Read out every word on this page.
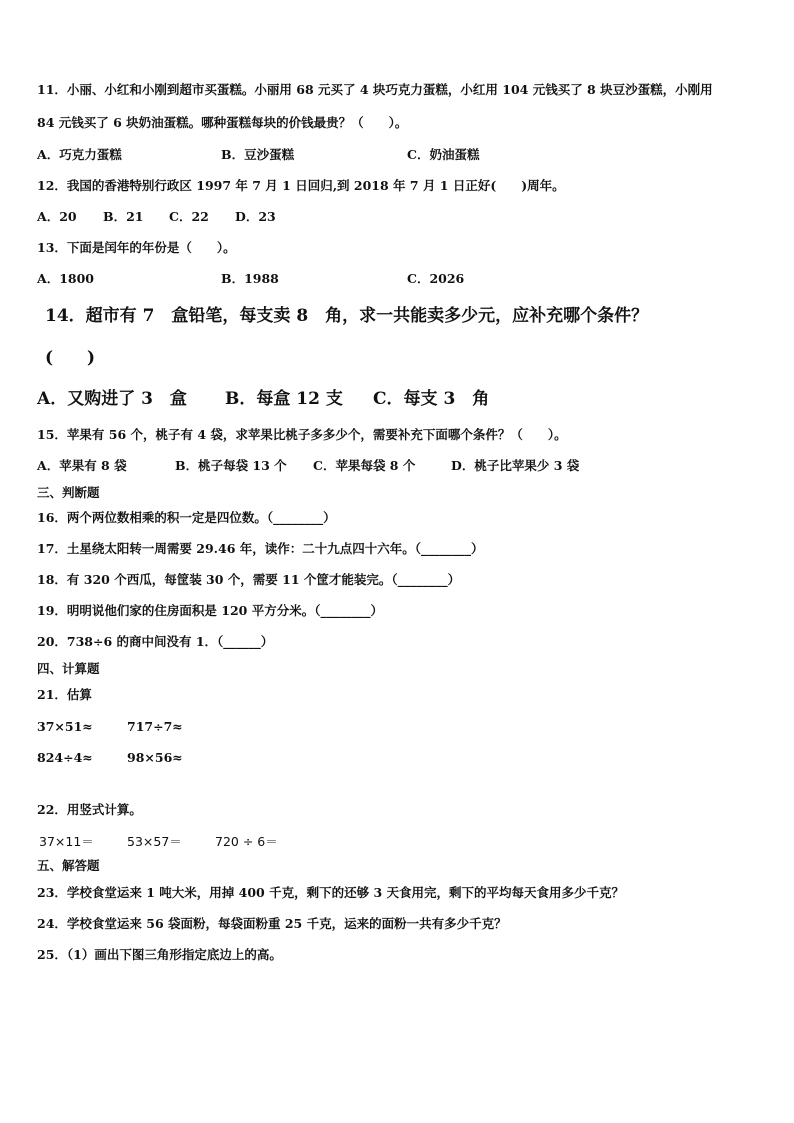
11．小丽、小红和小刚到超市买蛋糕。小丽用 68 元买了 4 块巧克力蛋糕，小红用 104 元钱买了 8 块豆沙蛋糕，小刚用
84 元钱买了 6 块奶油蛋糕。哪种蛋糕每块的价钱最贵？（　　）。
A．巧克力蛋糕	B．豆沙蛋糕	C．奶油蛋糕
12．我国的香港特别行政区 1997 年 7 月 1 日回归,到 2018 年 7 月 1 日正好(　　)周年。
A．20 B．21 C．22 D．23
13．下面是闰年的年份是（　　）。
A．1800	B．1988	C．2026
14．超市有 7　盒铅笔，每支卖 8　角，求一共能卖多少元，应补充哪个条件？
(　　)
A．又购进了 3　盒 B．每盒 12 支 C．每支 3　角
15．苹果有 56 个，桃子有 4 袋，求苹果比桃子多多少个，需要补充下面哪个条件？（　　）。
A．苹果有 8 袋	B．桃子每袋 13 个 C．苹果每袋 8 个	D．桃子比苹果少 3 袋
三、判断题
16．两个两位数相乘的积一定是四位数。（________）
17．土星绕太阳转一周需要 29.46 年，读作：二十九点四十六年。（________）
18．有 320 个西瓜，每筐装 30 个，需要 11 个筐才能装完。（________）
19．明明说他们家的住房面积是 120 平方分米。（________）
20．738÷6 的商中间没有 1．（______）
四、计算题
21．估算
37×51≈	717÷7≈
824÷4≈	98×56≈
22．用竖式计算。
37×11＝	53×57＝	720 ÷ 6＝
五、解答题
23．学校食堂运来 1 吨大米，用掉 400 千克，剩下的还够 3 天食用完，剩下的平均每天食用多少千克？
24．学校食堂运来 56 袋面粉，每袋面粉重 25 千克，运来的面粉一共有多少千克？
25．（1）画出下图三角形指定底边上的高。
